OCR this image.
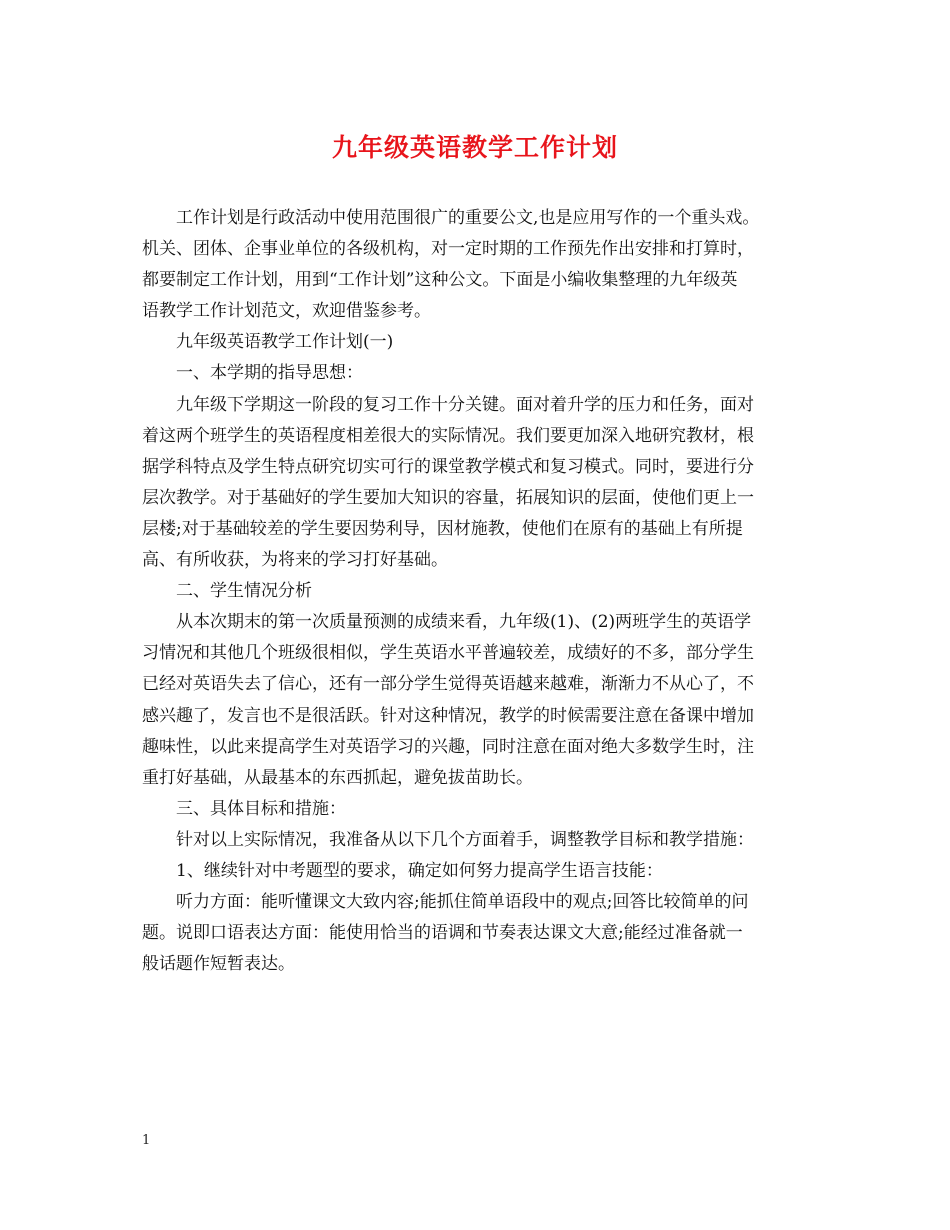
九年级英语教学工作计划
工作计划是行政活动中使用范围很广的重要公文,也是应用写作的一个重头戏。
机关、团体、企事业单位的各级机构，对一定时期的工作预先作出安排和打算时，
都要制定工作计划，用到“工作计划”这种公文。下面是小编收集整理的九年级英
语教学工作计划范文，欢迎借鉴参考。
九年级英语教学工作计划(一)
一、本学期的指导思想：
九年级下学期这一阶段的复习工作十分关键。面对着升学的压力和任务，面对
着这两个班学生的英语程度相差很大的实际情况。我们要更加深入地研究教材，根
据学科特点及学生特点研究切实可行的课堂教学模式和复习模式。同时，要进行分
层次教学。对于基础好的学生要加大知识的容量，拓展知识的层面，使他们更上一
层楼;对于基础较差的学生要因势利导，因材施教，使他们在原有的基础上有所提
高、有所收获，为将来的学习打好基础。
二、学生情况分析
从本次期末的第一次质量预测的成绩来看，九年级(1)、(2)两班学生的英语学
习情况和其他几个班级很相似，学生英语水平普遍较差，成绩好的不多，部分学生
已经对英语失去了信心，还有一部分学生觉得英语越来越难，渐渐力不从心了，不
感兴趣了，发言也不是很活跃。针对这种情况，教学的时候需要注意在备课中增加
趣味性，以此来提高学生对英语学习的兴趣，同时注意在面对绝大多数学生时，注
重打好基础，从最基本的东西抓起，避免拔苗助长。
三、具体目标和措施：
针对以上实际情况，我准备从以下几个方面着手，调整教学目标和教学措施：
1、继续针对中考题型的要求，确定如何努力提高学生语言技能：
听力方面：能听懂课文大致内容;能抓住简单语段中的观点;回答比较简单的问
题。说即口语表达方面：能使用恰当的语调和节奏表达课文大意;能经过准备就一
般话题作短暂表达。
1
